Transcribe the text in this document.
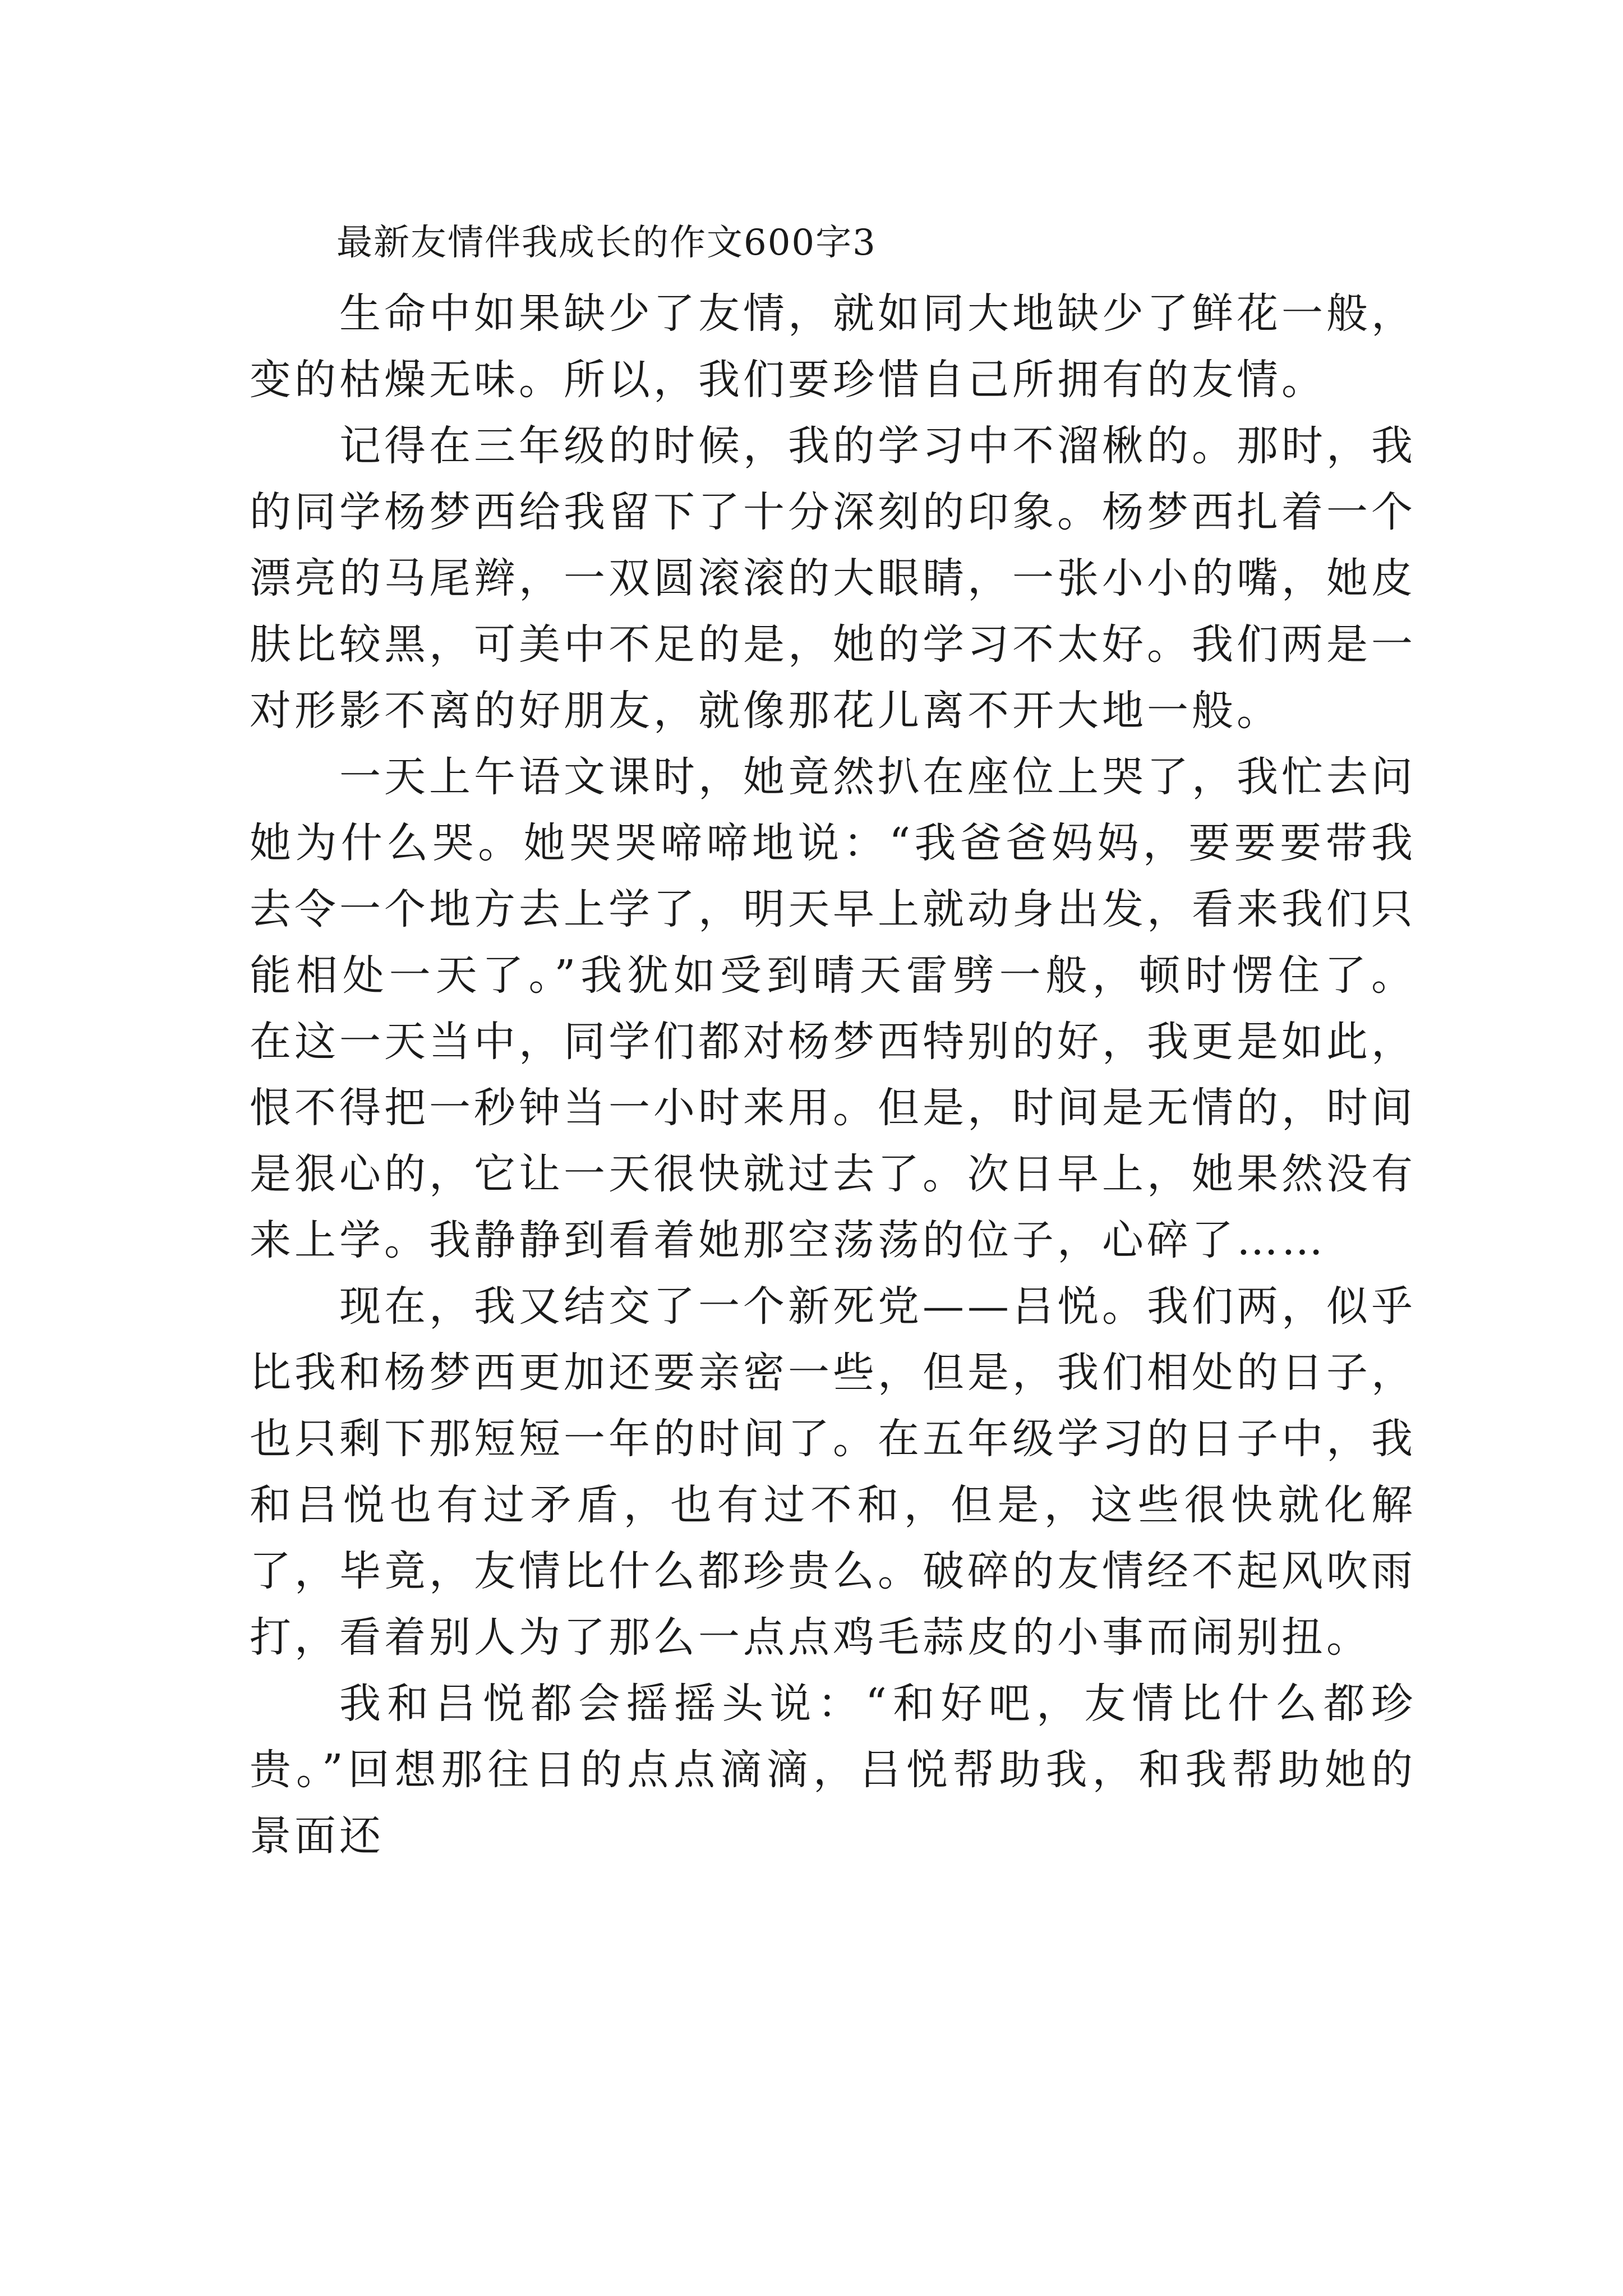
最新友情伴我成长的作文600字3

生命中如果缺少了友情，就如同大地缺少了鲜花一般，变的枯燥无味。所以，我们要珍惜自己所拥有的友情。

记得在三年级的时候，我的学习中不溜楸的。那时，我的同学杨梦西给我留下了十分深刻的印象。杨梦西扎着一个漂亮的马尾辫，一双圆滚滚的大眼睛，一张小小的嘴，她皮肤比较黑，可美中不足的是，她的学习不太好。我们两是一对形影不离的好朋友，就像那花儿离不开大地一般。

一天上午语文课时，她竟然扒在座位上哭了，我忙去问她为什么哭。她哭哭啼啼地说：“我爸爸妈妈，要要要带我去令一个地方去上学了，明天早上就动身出发，看来我们只能相处一天了。”我犹如受到晴天雷劈一般，顿时愣住了。在这一天当中，同学们都对杨梦西特别的好，我更是如此，恨不得把一秒钟当一小时来用。但是，时间是无情的，时间是狠心的，它让一天很快就过去了。次日早上，她果然没有来上学。我静静到看着她那空荡荡的位子，心碎了……

现在，我又结交了一个新死党——吕悦。我们两，似乎比我和杨梦西更加还要亲密一些，但是，我们相处的日子，也只剩下那短短一年的时间了。在五年级学习的日子中，我和吕悦也有过矛盾，也有过不和，但是，这些很快就化解了，毕竟，友情比什么都珍贵么。破碎的友情经不起风吹雨打，看着别人为了那么一点点鸡毛蒜皮的小事而闹别扭。

我和吕悦都会摇摇头说：“和好吧，友情比什么都珍贵。”回想那往日的点点滴滴，吕悦帮助我，和我帮助她的景面还
